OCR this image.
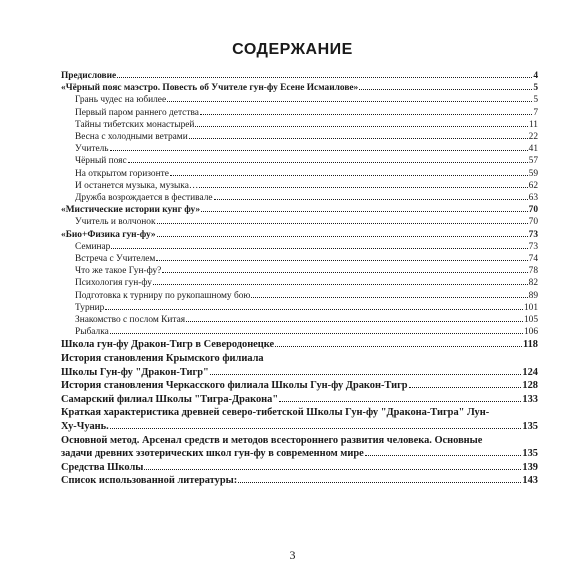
СОДЕРЖАНИЕ
Предисловие	4
«Чёрный пояс маэстро. Повесть об Учителе гун-фу Есене Исмаилове»	5
Грань чудес на юбилее	5
Первый паром раннего детства	7
Тайны тибетских монастырей	11
Весна с холодными ветрами	22
Учитель	41
Чёрный пояс	57
На открытом горизонте	59
И останется музыка, музыка…	62
Дружба возрождается в фестивале	63
«Мистические истории кунг фу»	70
Учитель и волчонок	70
«Био+Физика гун-фу»	73
Семинар	73
Встреча с Учителем	74
Что же такое Гун-фу?	78
Психология гун-фу	82
Подготовка к турниру по рукопашному бою	89
Турнир	101
Знакомство с послом Китая	105
Рыбалка	106
Школа гун-фу Дракон-Тигр в Северодонецке	118
История становления Крымского филиала
Школы Гун-фу "Дракон-Тигр"	124
История становления Черкасского филиала Школы Гун-фу Дракон-Тигр	128
Самарский филиал Школы "Тигра-Дракона"	133
Краткая характеристика древней северо-тибетской Школы Гун-фу "Дракона-Тигра" Лун-
Ху-Чуань.	135
Основной метод. Арсенал средств и методов всестороннего развития человека. Основные
задачи древних эзотерических школ гун-фу в современном мире	135
Средства Школы	139
Список использованной литературы:	143
3
